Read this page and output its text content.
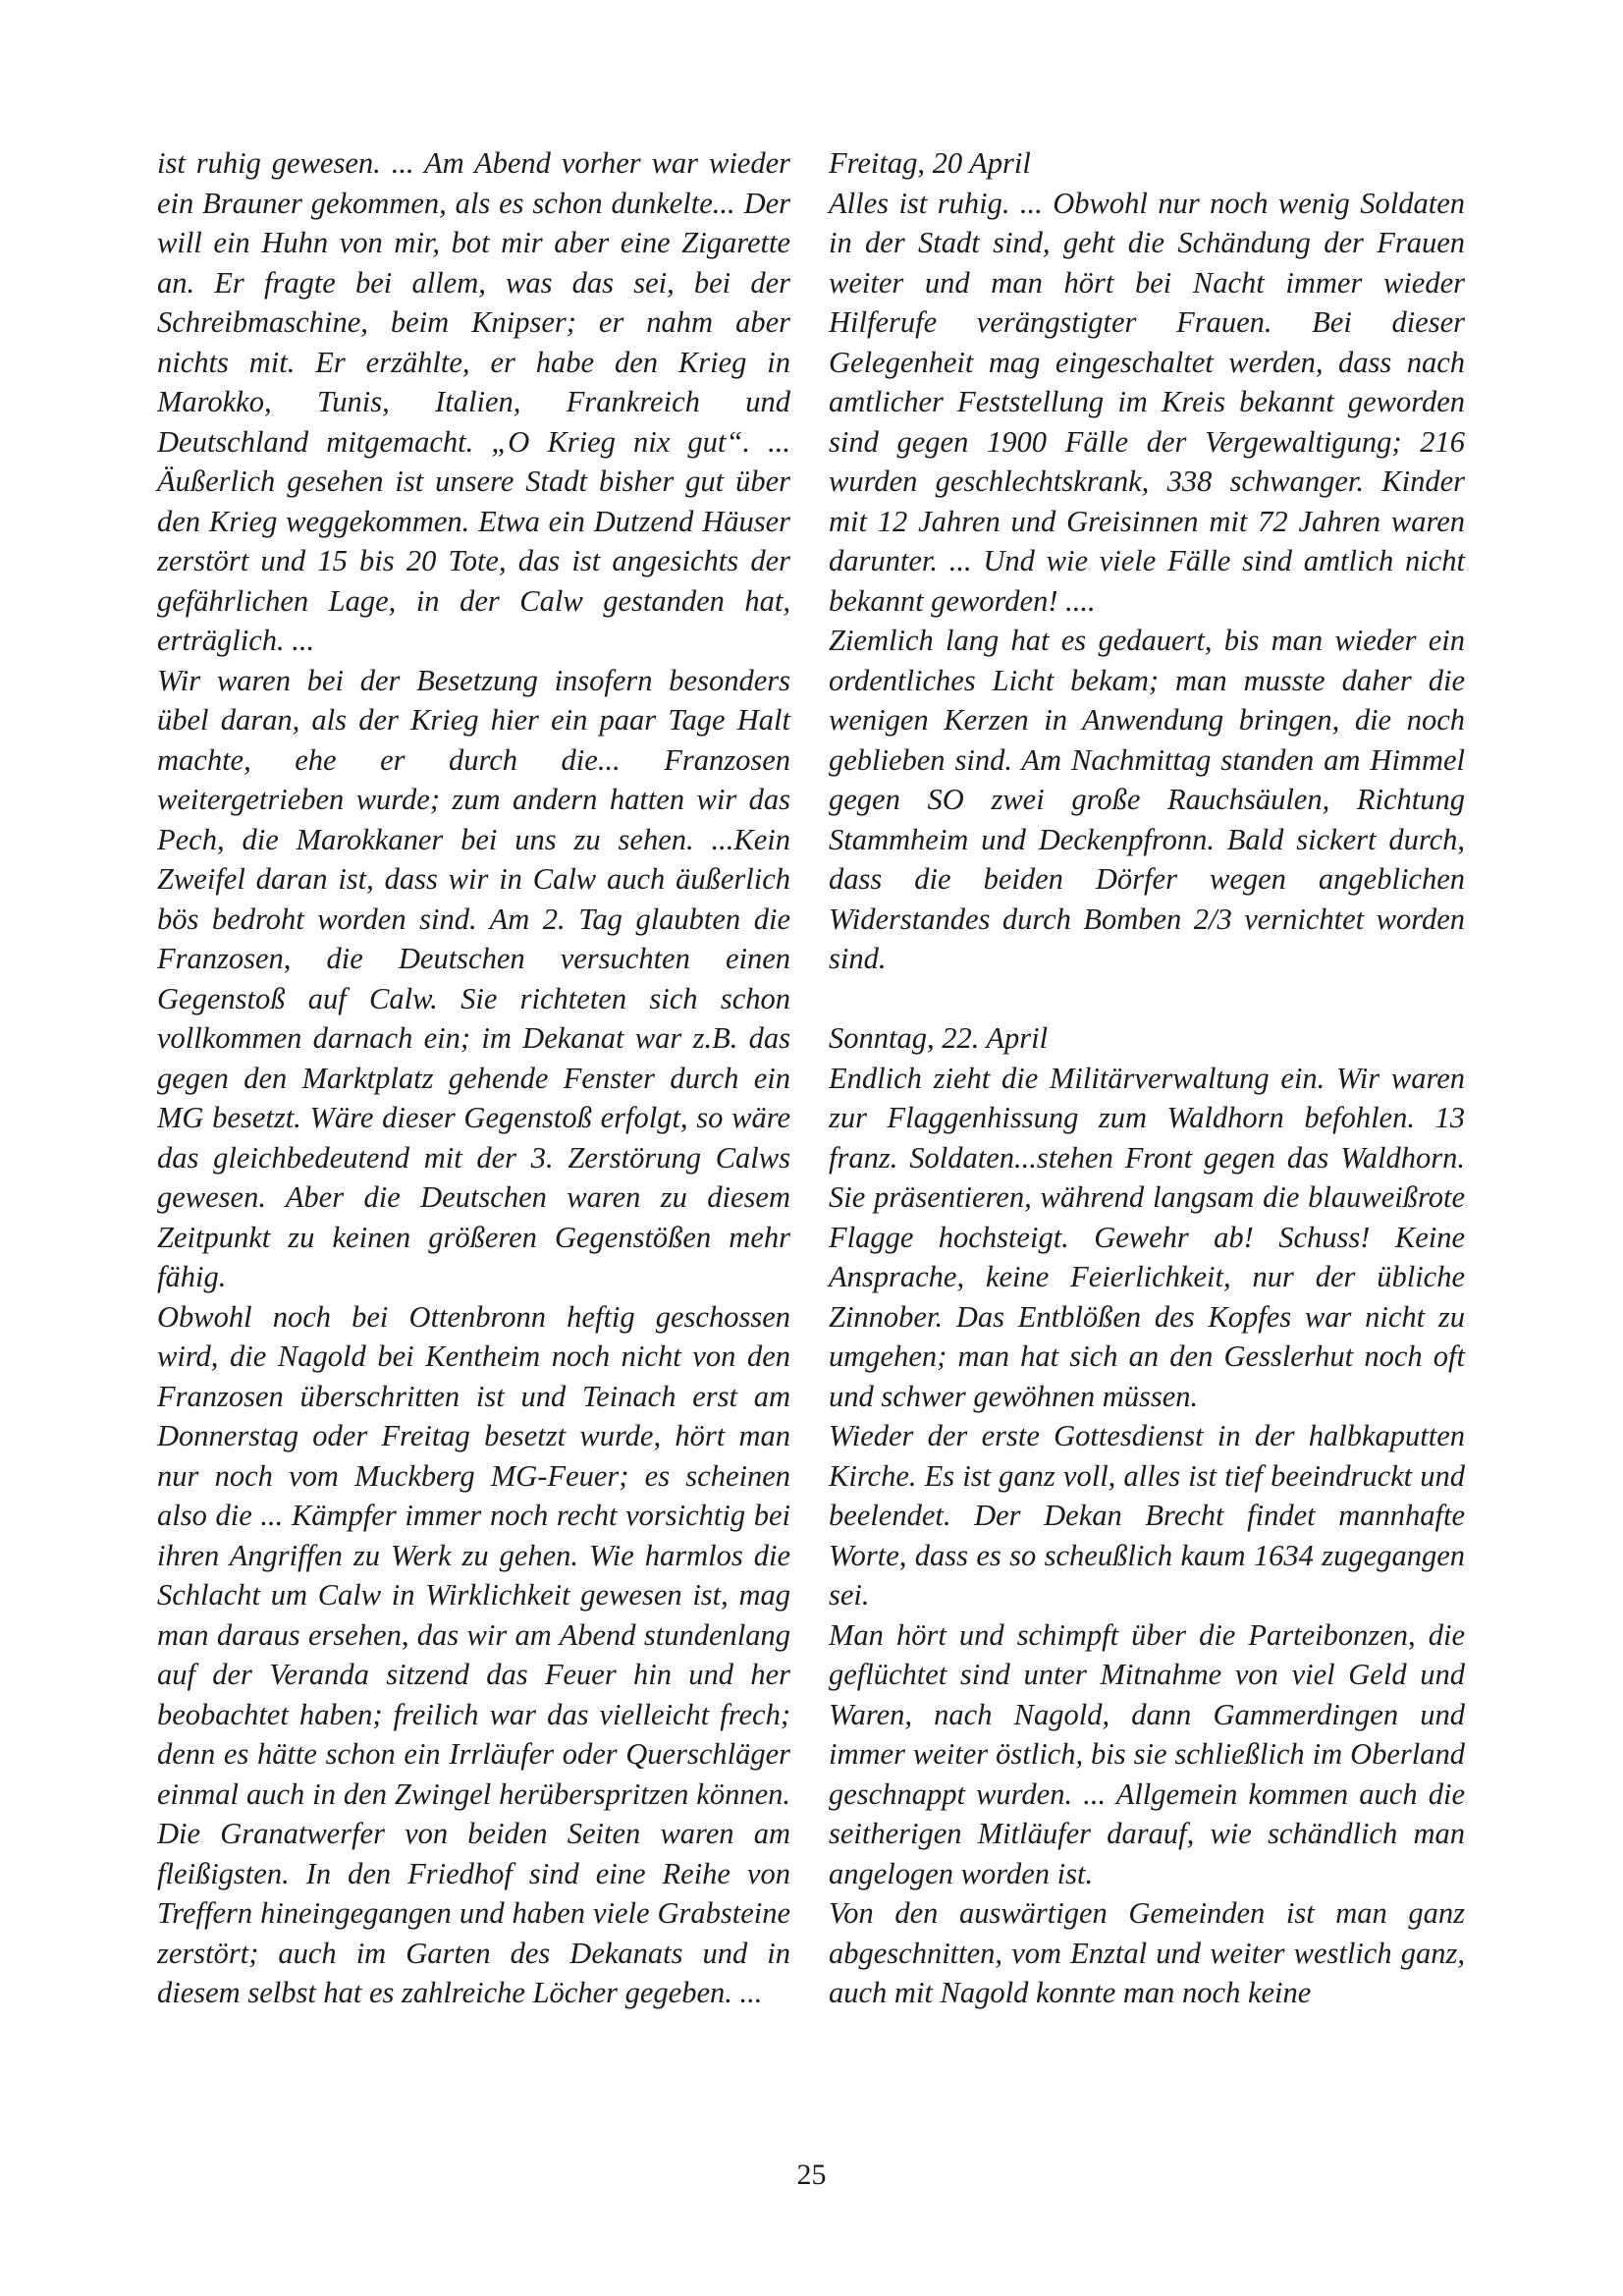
ist ruhig gewesen. ... Am Abend vorher war wieder ein Brauner gekommen, als es schon dunkelte... Der will ein Huhn von mir, bot mir aber eine Zigarette an. Er fragte bei allem, was das sei, bei der Schreibmaschine, beim Knipser; er nahm aber nichts mit. Er erzählte, er habe den Krieg in Marokko, Tunis, Italien, Frankreich und Deutschland mitgemacht. „O Krieg nix gut“. ... Äußerlich gesehen ist unsere Stadt bisher gut über den Krieg weggekommen. Etwa ein Dutzend Häuser zerstört und 15 bis 20 Tote, das ist angesichts der gefährlichen Lage, in der Calw gestanden hat, erträglich. ...

Wir waren bei der Besetzung insofern besonders übel daran, als der Krieg hier ein paar Tage Halt machte, ehe er durch die... Franzosen weitergetrieben wurde; zum andern hatten wir das Pech, die Marokkaner bei uns zu sehen. ...Kein Zweifel daran ist, dass wir in Calw auch äußerlich bös bedroht worden sind. Am 2. Tag glaubten die Franzosen, die Deutschen versuchten einen Gegenstoß auf Calw. Sie richteten sich schon vollkommen darnach ein; im Dekanat war z.B. das gegen den Marktplatz gehende Fenster durch ein MG besetzt. Wäre dieser Gegenstoß erfolgt, so wäre das gleichbedeutend mit der 3. Zerstörung Calws gewesen. Aber die Deutschen waren zu diesem Zeitpunkt zu keinen größeren Gegenstößen mehr fähig.

Obwohl noch bei Ottenbronn heftig geschossen wird, die Nagold bei Kentheim noch nicht von den Franzosen überschritten ist und Teinach erst am Donnerstag oder Freitag besetzt wurde, hört man nur noch vom Muckberg MG-Feuer; es scheinen also die ... Kämpfer immer noch recht vorsichtig bei ihren Angriffen zu Werk zu gehen. Wie harmlos die Schlacht um Calw in Wirklichkeit gewesen ist, mag man daraus ersehen, das wir am Abend stundenlang auf der Veranda sitzend das Feuer hin und her beobachtet haben; freilich war das vielleicht frech; denn es hätte schon ein Irrläufer oder Querschläger einmal auch in den Zwingel herüberspritzen können. Die Granatwerfer von beiden Seiten waren am fleißigsten. In den Friedhof sind eine Reihe von Treffern hineingegangen und haben viele Grabsteine zerstört; auch im Garten des Dekanats und in diesem selbst hat es zahlreiche Löcher gegeben. ...

Freitag, 20 April

Alles ist ruhig. ... Obwohl nur noch wenig Soldaten in der Stadt sind, geht die Schändung der Frauen weiter und man hört bei Nacht immer wieder Hilferufe verängstigter Frauen. Bei dieser Gelegenheit mag eingeschaltet werden, dass nach amtlicher Feststellung im Kreis bekannt geworden sind gegen 1900 Fälle der Vergewaltigung; 216 wurden geschlechtskrank, 338 schwanger. Kinder mit 12 Jahren und Greisinnen mit 72 Jahren waren darunter. ... Und wie viele Fälle sind amtlich nicht bekannt geworden! ....

Ziemlich lang hat es gedauert, bis man wieder ein ordentliches Licht bekam; man musste daher die wenigen Kerzen in Anwendung bringen, die noch geblieben sind. Am Nachmittag standen am Himmel gegen SO zwei große Rauchsäulen, Richtung Stammheim und Deckenpfronn. Bald sickert durch, dass die beiden Dörfer wegen angeblichen Widerstandes durch Bomben 2/3 vernichtet worden sind.

Sonntag, 22. April

Endlich zieht die Militärverwaltung ein. Wir waren zur Flaggenhissung zum Waldhorn befohlen. 13 franz. Soldaten...stehen Front gegen das Waldhorn. Sie präsentieren, während langsam die blauweißrote Flagge hochsteigt. Gewehr ab! Schuss! Keine Ansprache, keine Feierlichkeit, nur der übliche Zinnober. Das Entblößen des Kopfes war nicht zu umgehen; man hat sich an den Gesslerhut noch oft und schwer gewöhnen müssen.

Wieder der erste Gottesdienst in der halbkaputten Kirche. Es ist ganz voll, alles ist tief beeindruckt und beelendet. Der Dekan Brecht findet mannhafte Worte, dass es so scheußlich kaum 1634 zugegangen sei.

Man hört und schimpft über die Parteibonzen, die geflüchtet sind unter Mitnahme von viel Geld und Waren, nach Nagold, dann Gammerdingen und immer weiter östlich, bis sie schließlich im Oberland geschnappt wurden. ... Allgemein kommen auch die seitherigen Mitläufer darauf, wie schändlich man angelogen worden ist.

Von den auswärtigen Gemeinden ist man ganz abgeschnitten, vom Enztal und weiter westlich ganz, auch mit Nagold konnte man noch keine

25
